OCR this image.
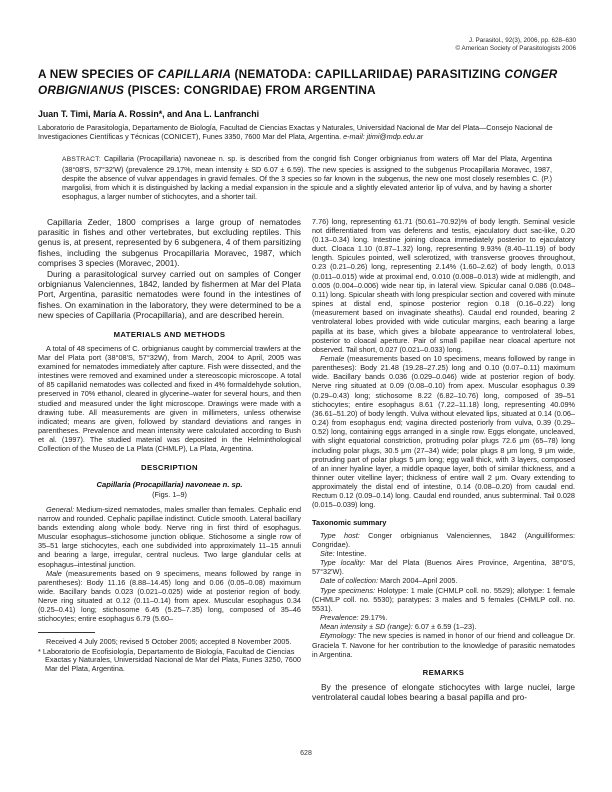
J. Parasitol., 92(3), 2006, pp. 628–630
© American Society of Parasitologists 2006
A NEW SPECIES OF CAPILLARIA (NEMATODA: CAPILLARIIDAE) PARASITIZING CONGER ORBIGNIANUS (PISCES: CONGRIDAE) FROM ARGENTINA
Juan T. Timi, María A. Rossin*, and Ana L. Lanfranchi
Laboratorio de Parasitología, Departamento de Biología, Facultad de Ciencias Exactas y Naturales, Universidad Nacional de Mar del Plata—Consejo Nacional de Investigaciones Científicas y Técnicas (CONICET), Funes 3350, 7600 Mar del Plata, Argentina. e-mail: jtimi@mdp.edu.ar
ABSTRACT: Capillaria (Procapillaria) navoneae n. sp. is described from the congrid fish Conger orbignianus from waters off Mar del Plata, Argentina (38°08'S, 57°32'W) (prevalence 29.17%, mean intensity ± SD 6.07 ± 6.59). The new species is assigned to the subgenus Procapillaria Moravec, 1987, despite the absence of vulvar appendages in gravid females. Of the 3 species so far known in the subgenus, the new one most closely resembles C. (P.) margolisi, from which it is distinguished by lacking a medial expansion in the spicule and a slightly elevated anterior lip of vulva, and by having a shorter esophagus, a larger number of stichocytes, and a shorter tail.

Capillaria Zeder, 1800 comprises a large group of nematodes parasitic in fishes and other vertebrates, but excluding reptiles. This genus is, at present, represented by 6 subgenera, 4 of them parsitizing fishes, including the subgenus Procapillaria Moravec, 1987, which comprises 3 species (Moravec, 2001).

During a parasitological survey carried out on samples of Conger orbignianus Valenciennes, 1842, landed by fishermen at Mar del Plata Port, Argentina, parasitic nematodes were found in the intestines of fishes. On examination in the laboratory, they were determined to be a new species of Capillaria (Procapillaria), and are described herein.

MATERIALS AND METHODS

A total of 48 specimens of C. orbignianus caught by commercial trawlers at the Mar del Plata port (38°08'S, 57°32W), from March, 2004 to April, 2005 was examined for nematodes immediately after capture. Fish were dissected, and the intestines were removed and examined under a stereoscopic microscope. A total of 85 capillariid nematodes was collected and fixed in 4% formaldehyde solution, preserved in 70% ethanol, cleared in glycerine–water for several hours, and then studied and measured under the light microscope. Drawings were made with a drawing tube. All measurements are given in millimeters, unless otherwise indicated; means are given, followed by standard deviations and ranges in parentheses. Prevalence and mean intensity were calculated according to Bush et al. (1997). The studied material was deposited in the Helminthological Collection of the Museo de La Plata (CHMLP), La Plata, Argentina.

DESCRIPTION
Capillaria (Procapillaria) navoneae n. sp.
(Figs. 1–9)

General: Medium-sized nematodes, males smaller than females. Cephalic end narrow and rounded. Cephalic papillae indistinct. Cuticle smooth. Lateral bacillary bands extending along whole body. Nerve ring in first third of esophagus. Muscular esophagus–stichosome junction oblique. Stichosome a single row of 35–51 large stichocytes, each one subdivided into approximately 11–15 annuli and bearing a large, irregular, central nucleus. Two large glandular cells at esophagus–intestinal junction.

Male (measurements based on 9 specimens, means followed by range in parentheses): Body 11.16 (8.88–14.45) long and 0.06 (0.05–0.08) maximum wide. Bacillary bands 0.023 (0.021–0.025) wide at posterior region of body. Nerve ring situated at 0.12 (0.11–0.14) from apex. Muscular esophagus 0.34 (0.25–0.41) long; stichosome 6.45 (5.25–7.35) long, composed of 35–46 stichocytes; entire esophagus 6.79 (5.60–

Received 4 July 2005; revised 5 October 2005; accepted 8 November 2005.

* Laboratorio de Ecofisiología, Departamento de Biología, Facultad de Ciencias Exactas y Naturales, Universidad Nacional de Mar del Plata, Funes 3250, 7600 Mar del Plata, Argentina.

7.76) long, representing 61.71 (50.61–70.92)% of body length. Seminal vesicle not differentiated from vas deferens and testis, ejaculatory duct sac-like, 0.20 (0.13–0.34) long. Intestine joining cloaca immediately posterior to ejaculatory duct. Cloaca 1.10 (0.87–1.32) long, representing 9.93% (8.40–11.19) of body length. Spicules pointed, well sclerotized, with transverse grooves throughout, 0.23 (0.21–0.26) long, representing 2.14% (1.60–2.62) of body length, 0.013 (0.011–0.015) wide at proximal end, 0.010 (0.008–0.013) wide at midlength, and 0.005 (0.004–0.006) wide near tip, in lateral view. Spicular canal 0.086 (0.048–0.11) long. Spicular sheath with long prespicular section and covered with minute spines at distal end, spinose posterior region 0.18 (0.16–0.22) long (measurement based on invaginate sheaths). Caudal end rounded, bearing 2 ventrolateral lobes provided with wide cuticular margins, each bearing a large papilla at its base, which gives a bilobate appearance to ventrolateral lobes, posterior to cloacal aperture. Pair of small papillae near cloacal aperture not observed. Tail short, 0.027 (0.021–0.033) long.

Female (measurements based on 10 specimens, means followed by range in parentheses): Body 21.48 (19.28–27.25) long and 0.10 (0.07–0.11) maximum wide. Bacillary bands 0.036 (0.029–0.046) wide at posterior region of body. Nerve ring situated at 0.09 (0.08–0.10) from apex. Muscular esophagus 0.39 (0.29–0.43) long; stichosome 8.22 (6.82–10.76) long, composed of 39–51 stichocytes; entire esophagus 8.61 (7.22–11.18) long, representing 40.09% (36.61–51.20) of body length. Vulva without elevated lips, situated at 0.14 (0.06–0.24) from esophagus end; vagina directed posteriorly from vulva, 0.39 (0.29–0.52) long, containing eggs arranged in a single row. Eggs elongate, uncleaved, with slight equatorial constriction, protruding polar plugs 72.6 μm (65–78) long including polar plugs, 30.5 μm (27–34) wide; polar plugs 8 μm long, 9 μm wide, protruding part of polar plugs 5 μm long; egg wall thick, with 3 layers, composed of an inner hyaline layer, a middle opaque layer, both of similar thickness, and a thinner outer vitelline layer; thickness of entire wall 2 μm. Ovary extending to approximately the distal end of intestine, 0.14 (0.08–0.20) from caudal end. Rectum 0.12 (0.09–0.14) long. Caudal end rounded, anus subterminal. Tail 0.028 (0.015–0.039) long.

Taxonomic summary

Type host: Conger orbignianus Valenciennes, 1842 (Anguilliformes: Congridae).

Site: Intestine.

Type locality: Mar del Plata (Buenos Aires Province, Argentina, 38°0'S, 57°32'W).

Date of collection: March 2004–April 2005.

Type specimens: Holotype: 1 male (CHMLP coll. no. 5529); allotype: 1 female (CHMLP coll. no. 5530); paratypes: 3 males and 5 females (CHMLP coll. no. 5531).

Prevalence: 29.17%.

Mean intensity ± SD (range): 6.07 ± 6.59 (1–23).

Etymology: The new species is named in honor of our friend and colleague Dr. Graciela T. Navone for her contribution to the knowledge of parasitic nematodes in Argentina.

REMARKS

By the presence of elongate stichocytes with large nuclei, large ventrolateral caudal lobes bearing a basal papilla and pro-

628
